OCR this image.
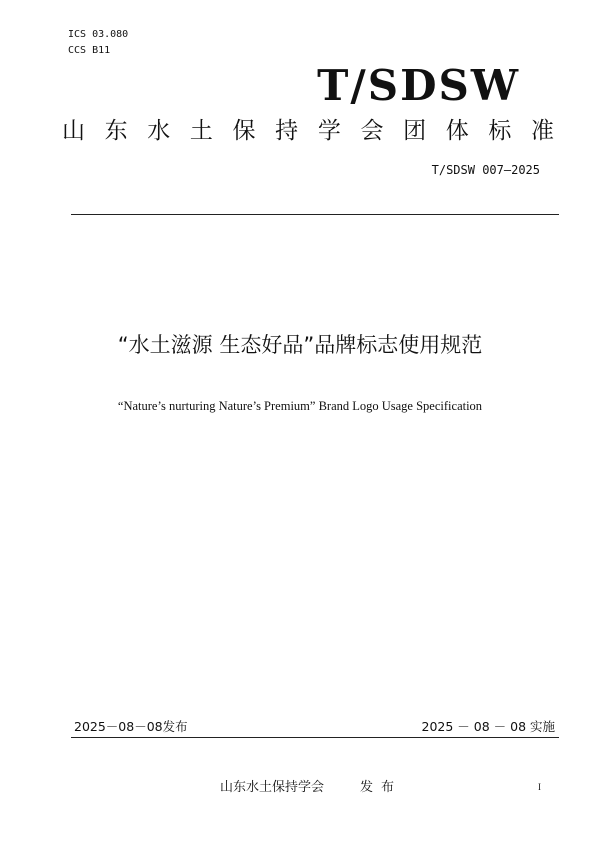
ICS 03.080
CCS B11
T/SDSW
山东水土保持学会团体标准
T/SDSW 007—2025
“水土滋源 生态好品”品牌标志使用规范
“Nature’s nurturing Nature’s Premium” Brand Logo Usage Specification
2025－08－08发布	2025 － 08 － 08 实施
山东水土保持学会	发布	I
